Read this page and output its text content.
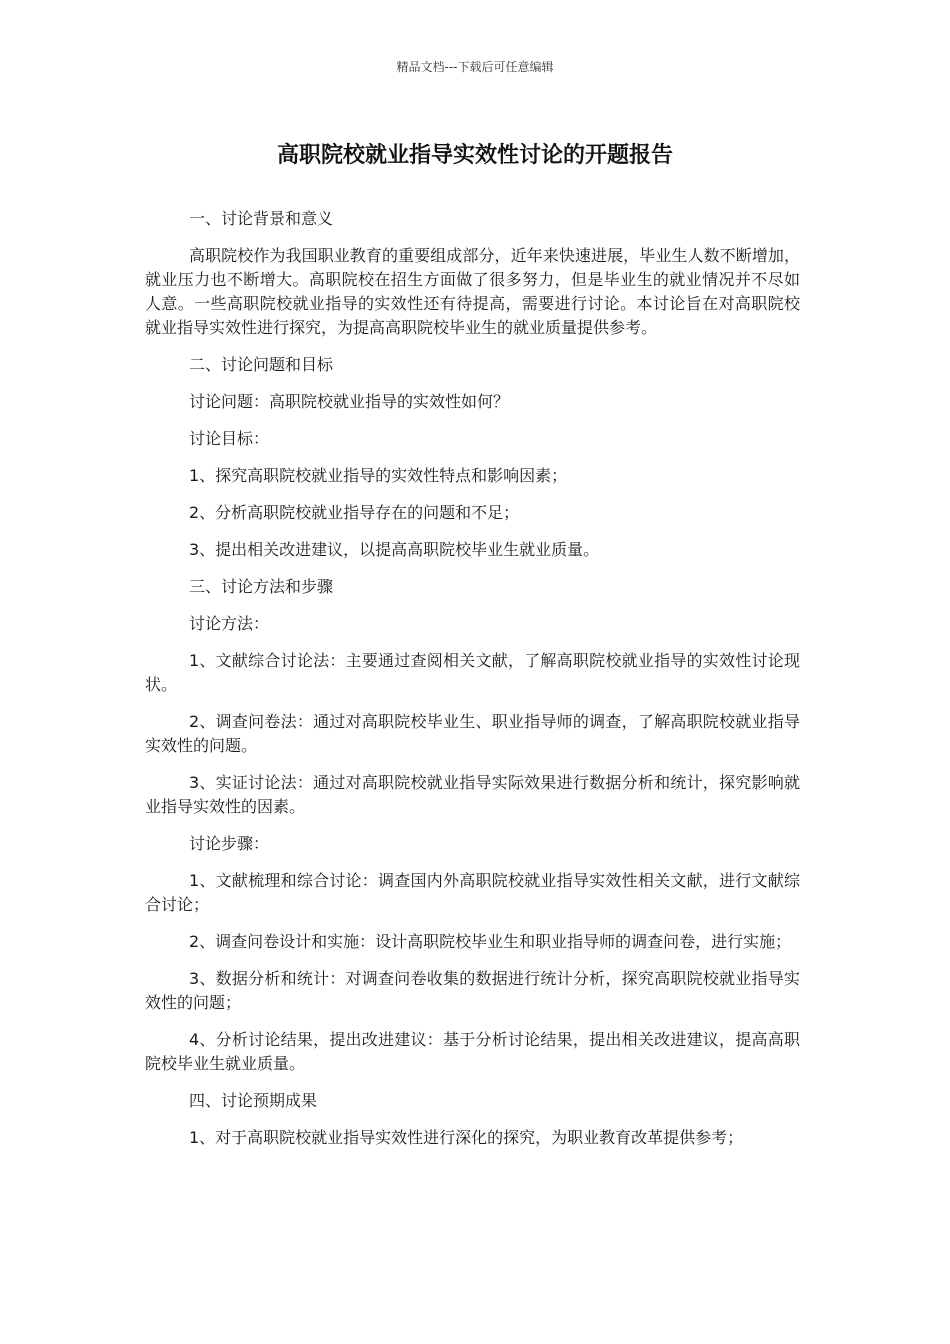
精品文档---下载后可任意编辑
高职院校就业指导实效性讨论的开题报告

一、讨论背景和意义

高职院校作为我国职业教育的重要组成部分，近年来快速进展，毕业生人数不断增加，就业压力也不断增大。高职院校在招生方面做了很多努力，但是毕业生的就业情况并不尽如人意。一些高职院校就业指导的实效性还有待提高，需要进行讨论。本讨论旨在对高职院校就业指导实效性进行探究，为提高高职院校毕业生的就业质量提供参考。

二、讨论问题和目标

讨论问题：高职院校就业指导的实效性如何？

讨论目标：

1、探究高职院校就业指导的实效性特点和影响因素；

2、分析高职院校就业指导存在的问题和不足；

3、提出相关改进建议，以提高高职院校毕业生就业质量。

三、讨论方法和步骤

讨论方法：

1、文献综合讨论法：主要通过查阅相关文献，了解高职院校就业指导的实效性讨论现状。

2、调查问卷法：通过对高职院校毕业生、职业指导师的调查，了解高职院校就业指导实效性的问题。

3、实证讨论法：通过对高职院校就业指导实际效果进行数据分析和统计，探究影响就业指导实效性的因素。

讨论步骤：

1、文献梳理和综合讨论：调查国内外高职院校就业指导实效性相关文献，进行文献综合讨论；

2、调查问卷设计和实施：设计高职院校毕业生和职业指导师的调查问卷，进行实施；

3、数据分析和统计：对调查问卷收集的数据进行统计分析，探究高职院校就业指导实效性的问题；

4、分析讨论结果，提出改进建议：基于分析讨论结果，提出相关改进建议，提高高职院校毕业生就业质量。

四、讨论预期成果

1、对于高职院校就业指导实效性进行深化的探究，为职业教育改革提供参考；
